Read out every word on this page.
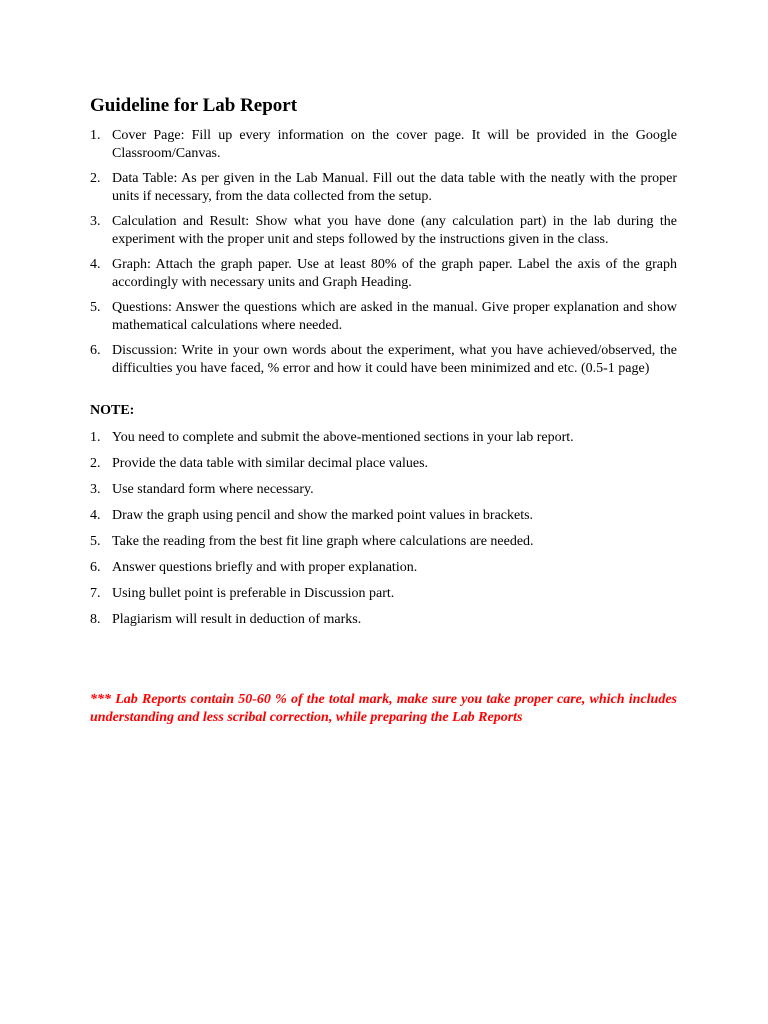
Guideline for Lab Report
1. Cover Page: Fill up every information on the cover page. It will be provided in the Google Classroom/Canvas.
2. Data Table: As per given in the Lab Manual. Fill out the data table with the neatly with the proper units if necessary, from the data collected from the setup.
3. Calculation and Result: Show what you have done (any calculation part) in the lab during the experiment with the proper unit and steps followed by the instructions given in the class.
4. Graph: Attach the graph paper. Use at least 80% of the graph paper. Label the axis of the graph accordingly with necessary units and Graph Heading.
5. Questions: Answer the questions which are asked in the manual. Give proper explanation and show mathematical calculations where needed.
6. Discussion: Write in your own words about the experiment, what you have achieved/observed, the difficulties you have faced, % error and how it could have been minimized and etc. (0.5-1 page)
NOTE:
1. You need to complete and submit the above-mentioned sections in your lab report.
2. Provide the data table with similar decimal place values.
3. Use standard form where necessary.
4. Draw the graph using pencil and show the marked point values in brackets.
5. Take the reading from the best fit line graph where calculations are needed.
6. Answer questions briefly and with proper explanation.
7. Using bullet point is preferable in Discussion part.
8. Plagiarism will result in deduction of marks.

*** Lab Reports contain 50-60 % of the total mark, make sure you take proper care, which includes understanding and less scribal correction, while preparing the Lab Reports
